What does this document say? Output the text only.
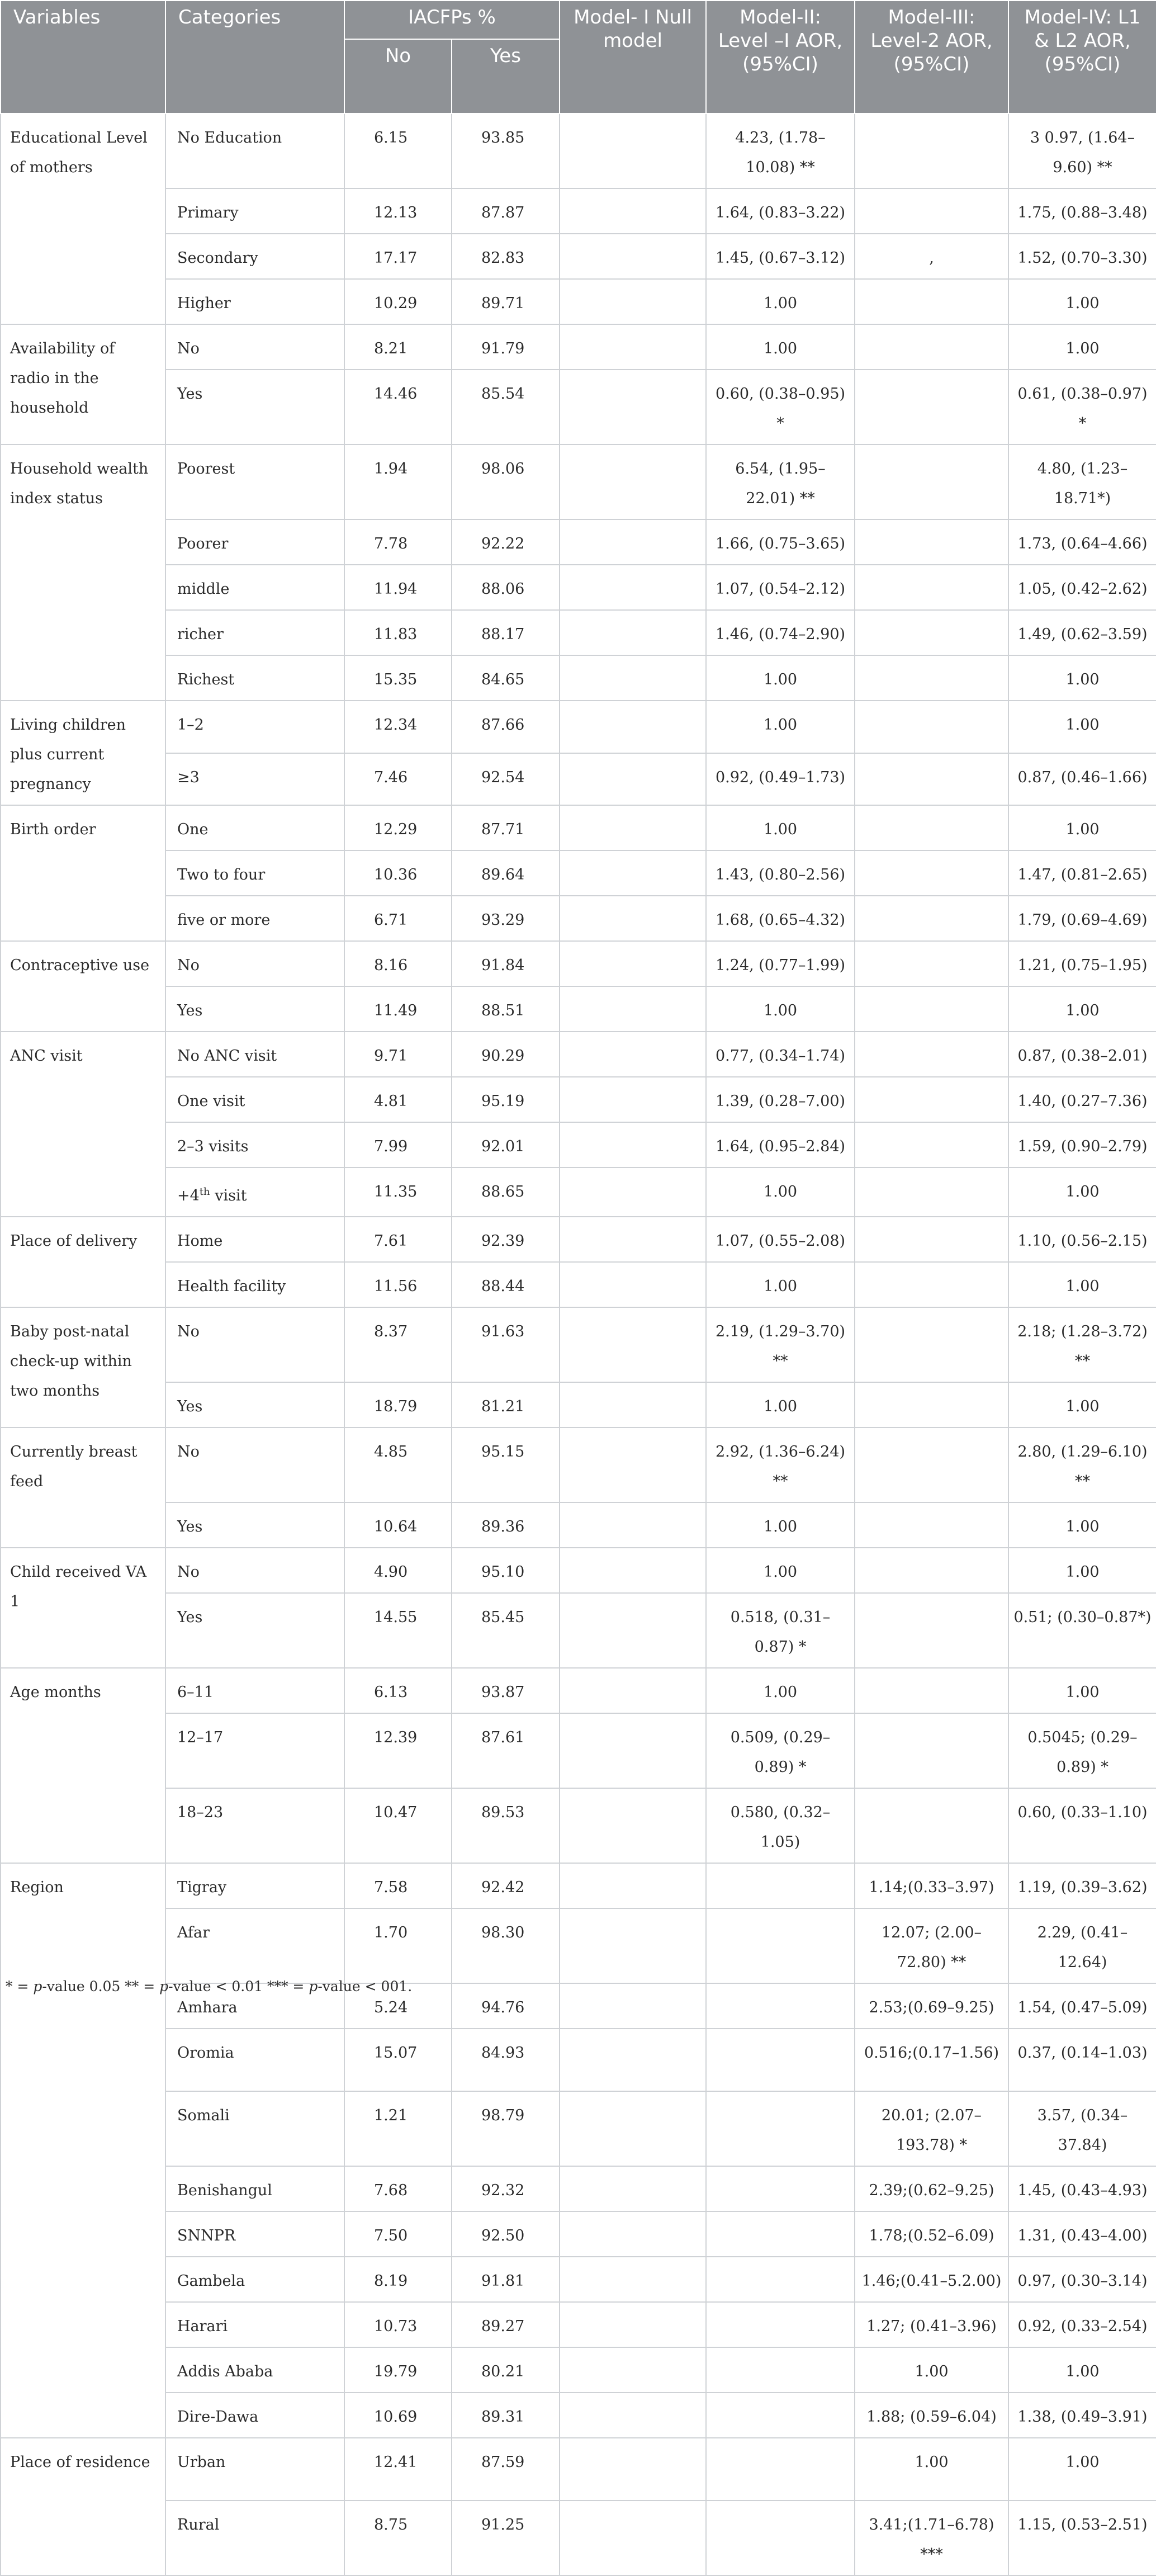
Variables	Categories	IACFPs %		Model- I Null model	Model-II: Level –I AOR, (95%CI)	Model-III: Level-2 AOR, (95%CI)	Model-IV: L1 & L2 AOR, (95%CI)
		No	Yes				
Educational Level of mothers	No Education	6.15	93.85		4.23, (1.78–10.08) **		3 0.97, (1.64–9.60) **
	Primary	12.13	87.87		1.64, (0.83–3.22)		1.75, (0.88–3.48)
	Secondary	17.17	82.83		1.45, (0.67–3.12)	,	1.52, (0.70–3.30)
	Higher	10.29	89.71		1.00		1.00
Availability of radio in the household	No	8.21	91.79		1.00		1.00
	Yes	14.46	85.54		0.60, (0.38–0.95) *		0.61, (0.38–0.97) *
Household wealth index status	Poorest	1.94	98.06		6.54, (1.95–22.01) **		4.80, (1.23–18.71*)
	Poorer	7.78	92.22		1.66, (0.75–3.65)		1.73, (0.64–4.66)
	middle	11.94	88.06		1.07, (0.54–2.12)		1.05, (0.42–2.62)
	richer	11.83	88.17		1.46, (0.74–2.90)		1.49, (0.62–3.59)
	Richest	15.35	84.65		1.00		1.00
Living children plus current pregnancy	1–2	12.34	87.66		1.00		1.00
	≥3	7.46	92.54		0.92, (0.49–1.73)		0.87, (0.46–1.66)
Birth order	One	12.29	87.71		1.00		1.00
	Two to four	10.36	89.64		1.43, (0.80–2.56)		1.47, (0.81–2.65)
	five or more	6.71	93.29		1.68, (0.65–4.32)		1.79, (0.69–4.69)
Contraceptive use	No	8.16	91.84		1.24, (0.77–1.99)		1.21, (0.75–1.95)
	Yes	11.49	88.51		1.00		1.00
ANC visit	No ANC visit	9.71	90.29		0.77, (0.34–1.74)		0.87, (0.38–2.01)
	One visit	4.81	95.19		1.39, (0.28–7.00)		1.40, (0.27–7.36)
	2–3 visits	7.99	92.01		1.64, (0.95–2.84)		1.59, (0.90–2.79)
	+4th visit	11.35	88.65		1.00		1.00
Place of delivery	Home	7.61	92.39		1.07, (0.55–2.08)		1.10, (0.56–2.15)
	Health facility	11.56	88.44		1.00		1.00
Baby post-natal check-up within two months	No	8.37	91.63		2.19, (1.29–3.70) **		2.18; (1.28–3.72) **
	Yes	18.79	81.21		1.00		1.00
Currently breast feed	No	4.85	95.15		2.92, (1.36–6.24) **		2.80, (1.29–6.10) **
	Yes	10.64	89.36		1.00		1.00
Child received VA 1	No	4.90	95.10		1.00		1.00
	Yes	14.55	85.45		0.518, (0.31–0.87) *		0.51; (0.30–0.87*)
Age months	6–11	6.13	93.87		1.00		1.00
	12–17	12.39	87.61		0.509, (0.29–0.89) *		0.5045; (0.29–0.89) *
	18–23	10.47	89.53		0.580, (0.32–1.05)		0.60, (0.33–1.10)
Region	Tigray	7.58	92.42			1.14;(0.33–3.97)	1.19, (0.39–3.62)
	Afar	1.70	98.30			12.07; (2.00–72.80) **	2.29, (0.41–12.64)
	Amhara	5.24	94.76			2.53;(0.69–9.25)	1.54, (0.47–5.09)
	Oromia	15.07	84.93			0.516;(0.17–1.56)	0.37, (0.14–1.03)
	Somali	1.21	98.79			20.01; (2.07– 193.78) *	3.57, (0.34–37.84)
	Benishangul	7.68	92.32			2.39;(0.62–9.25)	1.45, (0.43–4.93)
	SNNPR	7.50	92.50			1.78;(0.52–6.09)	1.31, (0.43–4.00)
	Gambela	8.19	91.81			1.46;(0.41–5.2.00)	0.97, (0.30–3.14)
	Harari	10.73	89.27			1.27; (0.41–3.96)	0.92, (0.33–2.54)
	Addis Ababa	19.79	80.21			1.00	1.00
	Dire-Dawa	10.69	89.31			1.88; (0.59–6.04)	1.38, (0.49–3.91)
Place of residence	Urban	12.41	87.59			1.00	1.00
	Rural	8.75	91.25			3.41;(1.71–6.78) ***	1.15, (0.53–2.51)

* = p-value 0.05 ** = p-value < 0.01 *** = p-value < 001.
